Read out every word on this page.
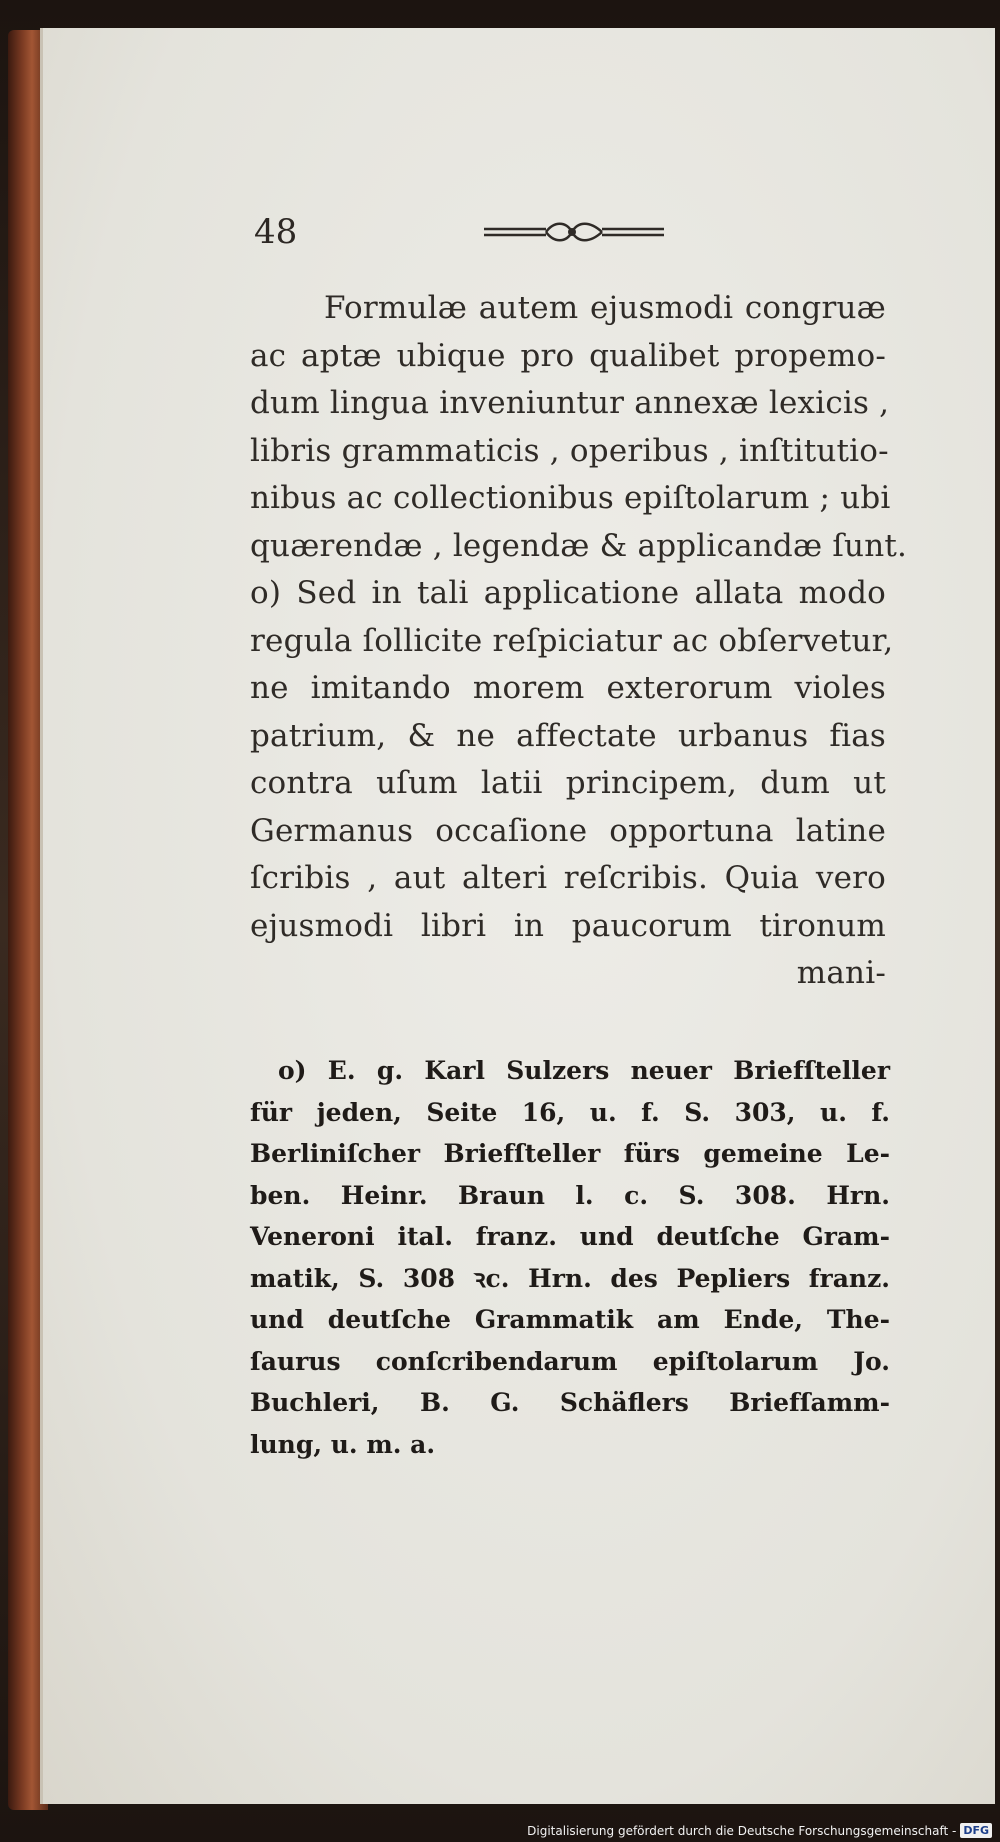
48
Formulæ autem ejusmodi congruæ
ac aptæ ubique pro qualibet propemo-
dum lingua inveniuntur annexæ lexicis ,
libris grammaticis , operibus , inſtitutio-
nibus ac collectionibus epiſtolarum ; ubi
quærendæ , legendæ & applicandæ ſunt.
o) Sed in tali applicatione allata modo
regula ſollicite reſpiciatur ac obſervetur,
ne imitando morem exterorum violes
patrium, & ne affectate urbanus fias
contra uſum latii principem, dum ut
Germanus occaſione opportuna latine
ſcribis , aut alteri reſcribis. Quia vero
ejusmodi libri in paucorum tironum
mani-
o) E. g. Karl Sulzers neuer Briefſteller
für jeden, Seite 16, u. f. S. 303, u. f.
Berliniſcher Briefſteller fürs gemeine Le-
ben. Heinr. Braun l. c. S. 308. Hrn.
Veneroni ital. franz. und deutſche Gram-
matik, S. 308 ꝛc. Hrn. des Pepliers franz.
und deutſche Grammatik am Ende, The-
ſaurus conſcribendarum epiſtolarum Jo.
Buchleri, B. G. Schäflers Briefſamm-
lung, u. m. a.
Digitalisierung gefördert durch die Deutsche Forschungsgemeinschaft - DFG
